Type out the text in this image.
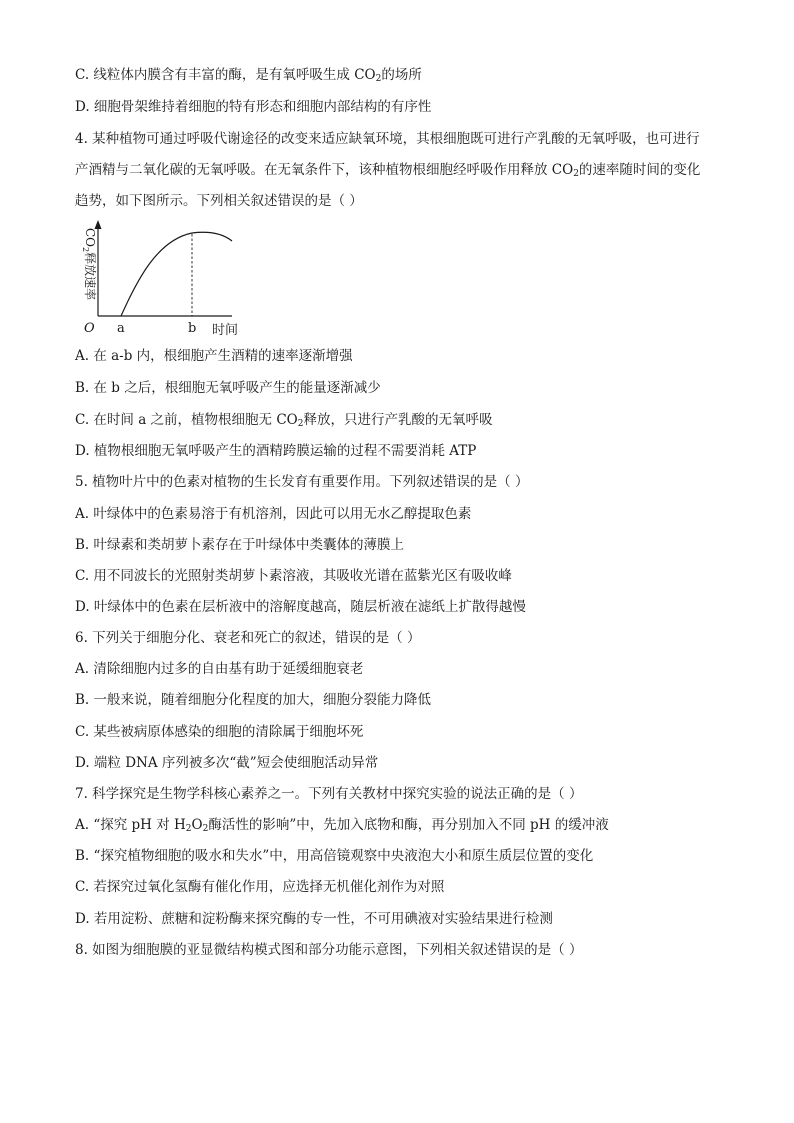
C. 线粒体内膜含有丰富的酶，是有氧呼吸生成 $CO_2$的场所
D. 细胞骨架维持着细胞的特有形态和细胞内部结构的有序性
4. 某种植物可通过呼吸代谢途径的改变来适应缺氧环境，其根细胞既可进行产乳酸的无氧呼吸，也可进行
产酒精与二氧化碳的无氧呼吸。在无氧条件下，该种植物根细胞经呼吸作用释放 $CO_2$的速率随时间的变化
趋势，如下图所示。下列相关叙述错误的是（ ）
$CO_2$释放速率
O a	b 时间
A. 在 a-b 内，根细胞产生酒精的速率逐渐增强
B. 在 b 之后，根细胞无氧呼吸产生的能量逐渐减少
C. 在时间 a 之前，植物根细胞无 $CO_2$释放，只进行产乳酸的无氧呼吸
D. 植物根细胞无氧呼吸产生的酒精跨膜运输的过程不需要消耗 ATP
5. 植物叶片中的色素对植物的生长发育有重要作用。下列叙述错误的是（ ）
A. 叶绿体中的色素易溶于有机溶剂，因此可以用无水乙醇提取色素
B. 叶绿素和类胡萝卜素存在于叶绿体中类囊体的薄膜上
C. 用不同波长的光照射类胡萝卜素溶液，其吸收光谱在蓝紫光区有吸收峰
D. 叶绿体中的色素在层析液中的溶解度越高，随层析液在滤纸上扩散得越慢
6. 下列关于细胞分化、衰老和死亡的叙述，错误的是（ ）
A. 清除细胞内过多的自由基有助于延缓细胞衰老
B. 一般来说，随着细胞分化程度的加大，细胞分裂能力降低
C. 某些被病原体感染的细胞的清除属于细胞坏死
D. 端粒 DNA 序列被多次“截”短会使细胞活动异常
7. 科学探究是生物学科核心素养之一。下列有关教材中探究实验的说法正确的是（ ）
A. “探究 pH 对 $H_2O_2$酶活性的影响”中，先加入底物和酶，再分别加入不同 pH 的缓冲液
B. “探究植物细胞的吸水和失水”中，用高倍镜观察中央液泡大小和原生质层位置的变化
C. 若探究过氧化氢酶有催化作用，应选择无机催化剂作为对照
D. 若用淀粉、蔗糖和淀粉酶来探究酶的专一性，不可用碘液对实验结果进行检测
8. 如图为细胞膜的亚显微结构模式图和部分功能示意图，下列相关叙述错误的是（ ）
